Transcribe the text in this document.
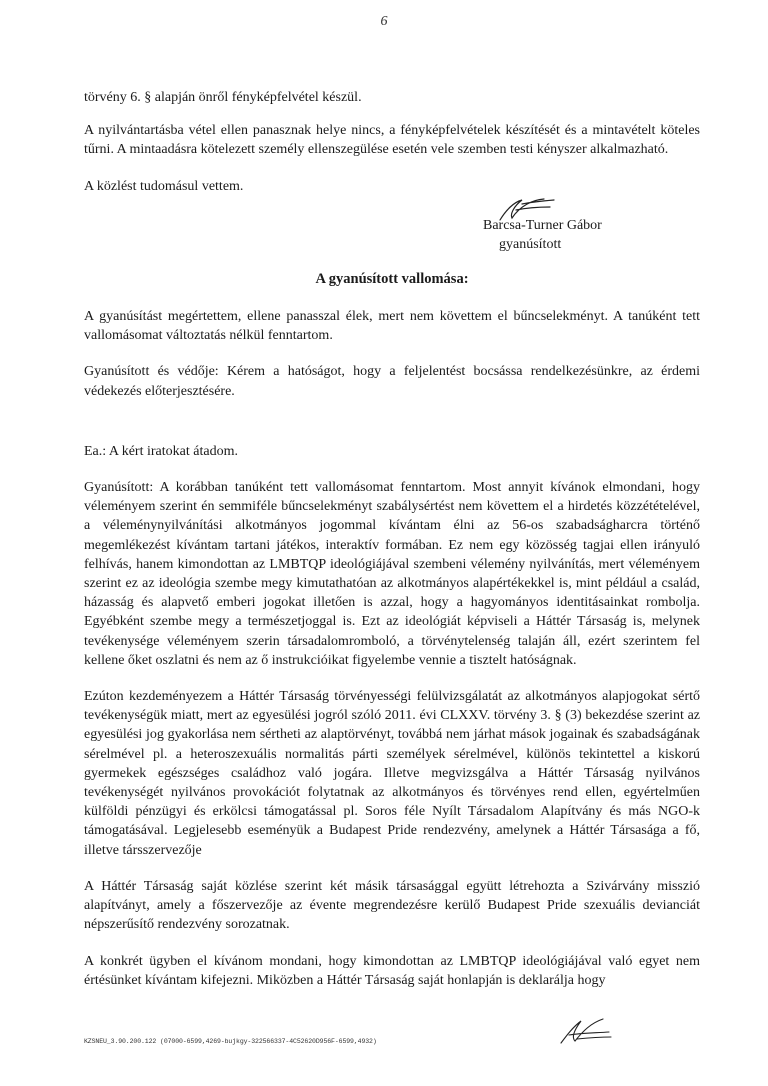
6

törvény 6. § alapján önről fényképfelvétel készül.

A nyilvántartásba vétel ellen panasznak helye nincs, a fényképfelvételek készítését és a mintavételt köteles tűrni. A mintaadásra kötelezett személy ellenszegülése esetén vele szemben testi kényszer alkalmazható.

A közlést tudomásul vettem.

Barcsa-Turner Gábor
gyanúsított
A gyanúsított vallomása:

A gyanúsítást megértettem, ellene panasszal élek, mert nem követtem el bűncselekményt. A tanúként tett vallomásomat változtatás nélkül fenntartom.

Gyanúsított és védője: Kérem a hatóságot, hogy a feljelentést bocsássa rendelkezésünkre, az érdemi védekezés előterjesztésére.

Ea.: A kért iratokat átadom.

Gyanúsított: A korábban tanúként tett vallomásomat fenntartom. Most annyit kívánok elmondani, hogy véleményem szerint én semmiféle bűncselekményt szabálysértést nem követtem el a hirdetés közzétételével, a véleménynyilvánítási alkotmányos jogommal kívántam élni az 56-os szabadságharcra történő megemlékezést kívántam tartani játékos, interaktív formában. Ez nem egy közösség tagjai ellen irányuló felhívás, hanem kimondottan az LMBTQP ideológiájával szembeni vélemény nyilvánítás, mert véleményem szerint ez az ideológia szembe megy kimutathatóan az alkotmányos alapértékekkel is, mint például a család, házasság és alapvető emberi jogokat illetően is azzal, hogy a hagyományos identitásainkat rombolja. Egyébként szembe megy a természetjoggal is. Ezt az ideológiát képviseli a Háttér Társaság is, melynek tevékenysége véleményem szerin társadalomromboló, a törvénytelenség talaján áll, ezért szerintem fel kellene őket oszlatni és nem az ő instrukcióikat figyelembe vennie a tisztelt hatóságnak.

Ezúton kezdeményezem a Háttér Társaság törvényességi felülvizsgálatát az alkotmányos alapjogokat sértő tevékenységük miatt, mert az egyesülési jogról szóló 2011. évi CLXXV. törvény 3. § (3) bekezdése szerint az egyesülési jog gyakorlása nem sértheti az alaptörvényt, továbbá nem járhat mások jogainak és szabadságának sérelmével pl. a heteroszexuális normalitás párti személyek sérelmével, különös tekintettel a kiskorú gyermekek egészséges családhoz való jogára. Illetve megvizsgálva a Háttér Társaság nyilvános tevékenységét nyilvános provokációt folytatnak az alkotmányos és törvényes rend ellen, egyértelműen külföldi pénzügyi és erkölcsi támogatással pl. Soros féle Nyílt Társadalom Alapítvány és más NGO-k támogatásával. Legjelesebb eseményük a Budapest Pride rendezvény, amelynek a Háttér Társasága a fő, illetve társszervezője

A Háttér Társaság saját közlése szerint két másik társasággal együtt létrehozta a Szivárvány misszió alapítványt, amely a főszervezője az évente megrendezésre kerülő Budapest Pride szexuális devianciát népszerűsítő rendezvény sorozatnak.

A konkrét ügyben el kívánom mondani, hogy kimondottan az LMBTQP ideológiájával való egyet nem értésünket kívántam kifejezni. Miközben a Háttér Társaság saját honlapján is deklarálja hogy

KZSNEU_3.90.200.122 (07000-6599,4269-bujkgy-322566337-4C52620D956F-6599,4932)
